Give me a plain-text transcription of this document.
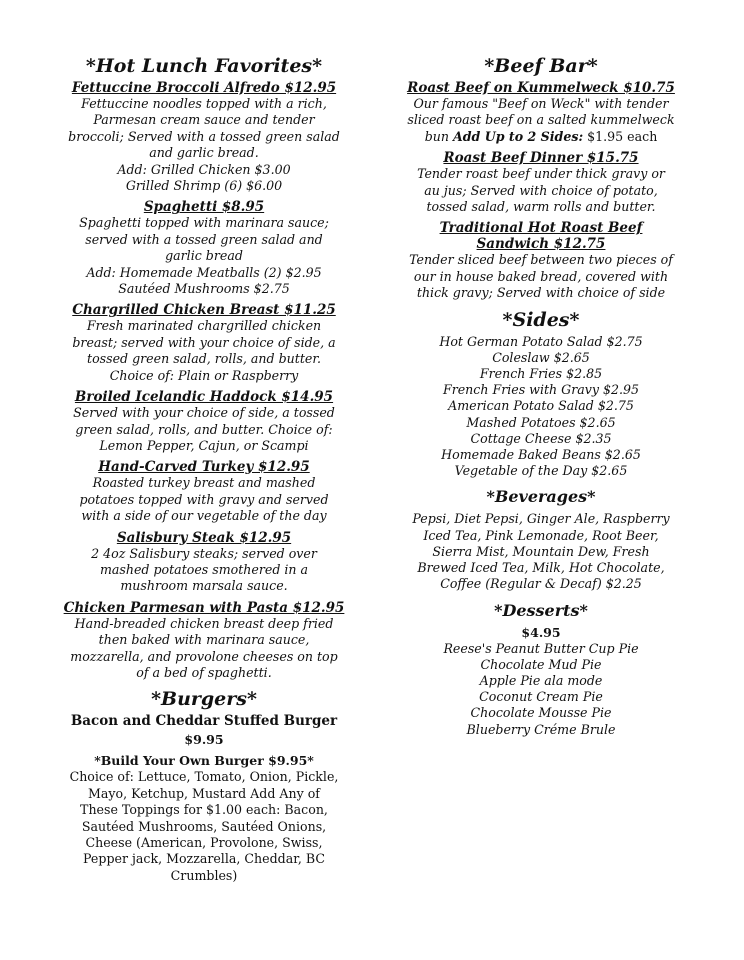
*Hot Lunch Favorites*
Fettuccine Broccoli Alfredo $12.95
Fettuccine noodles topped with a rich,
Parmesan cream sauce and tender
broccoli; Served with a tossed green salad
and garlic bread.
Add: Grilled Chicken $3.00
Grilled Shrimp (6) $6.00
Spaghetti $8.95
Spaghetti topped with marinara sauce;
served with a tossed green salad and
garlic bread
Add: Homemade Meatballs (2) $2.95
Sautéed Mushrooms $2.75
Chargrilled Chicken Breast $11.25
Fresh marinated chargrilled chicken
breast; served with your choice of side, a
tossed green salad, rolls, and butter.
Choice of: Plain or Raspberry
Broiled Icelandic Haddock $14.95
Served with your choice of side, a tossed
green salad, rolls, and butter. Choice of:
Lemon Pepper, Cajun, or Scampi
Hand-Carved Turkey $12.95
Roasted turkey breast and mashed
potatoes topped with gravy and served
with a side of our vegetable of the day
Salisbury Steak $12.95
2 4oz Salisbury steaks; served over
mashed potatoes smothered in a
mushroom marsala sauce.
Chicken Parmesan with Pasta $12.95
Hand-breaded chicken breast deep fried
then baked with marinara sauce,
mozzarella, and provolone cheeses on top
of a bed of spaghetti.
*Burgers*
Bacon and Cheddar Stuffed Burger
$9.95
*Build Your Own Burger $9.95*
Choice of: Lettuce, Tomato, Onion, Pickle,
Mayo, Ketchup, Mustard Add Any of
These Toppings for $1.00 each: Bacon,
Sautéed Mushrooms, Sautéed Onions,
Cheese (American, Provolone, Swiss,
Pepper jack, Mozzarella, Cheddar, BC
Crumbles)
*Beef Bar*
Roast Beef on Kummelweck $10.75
Our famous "Beef on Weck" with tender
sliced roast beef on a salted kummelweck
bun Add Up to 2 Sides: $1.95 each
Roast Beef Dinner $15.75
Tender roast beef under thick gravy or
au jus; Served with choice of potato,
tossed salad, warm rolls and butter.
Traditional Hot Roast Beef
Sandwich $12.75
Tender sliced beef between two pieces of
our in house baked bread, covered with
thick gravy; Served with choice of side
*Sides*
Hot German Potato Salad $2.75
Coleslaw $2.65
French Fries $2.85
French Fries with Gravy $2.95
American Potato Salad $2.75
Mashed Potatoes $2.65
Cottage Cheese $2.35
Homemade Baked Beans $2.65
Vegetable of the Day $2.65
*Beverages*
Pepsi, Diet Pepsi, Ginger Ale, Raspberry
Iced Tea, Pink Lemonade, Root Beer,
Sierra Mist, Mountain Dew, Fresh
Brewed Iced Tea, Milk, Hot Chocolate,
Coffee (Regular & Decaf) $2.25
*Desserts*
$4.95
Reese's Peanut Butter Cup Pie
Chocolate Mud Pie
Apple Pie ala mode
Coconut Cream Pie
Chocolate Mousse Pie
Blueberry Créme Brule
